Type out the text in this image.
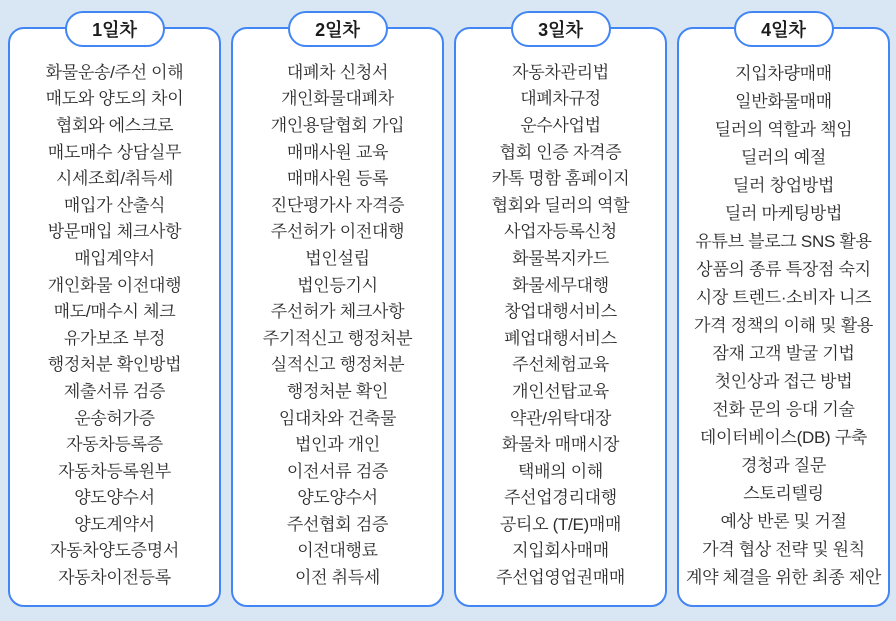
1일차
화물운송/주선 이해
매도와 양도의 차이
협회와 에스크로
매도매수 상담실무
시세조회/취득세
매입가 산출식
방문매입 체크사항
매입계약서
개인화물 이전대행
매도/매수시 체크
유가보조 부정
행정처분 확인방법
제출서류 검증
운송허가증
자동차등록증
자동차등록원부
양도양수서
양도계약서
자동차양도증명서
자동차이전등록
2일차
대폐차 신청서
개인화물대폐차
개인용달협회 가입
매매사원 교육
매매사원 등록
진단평가사 자격증
주선허가 이전대행
법인설립
법인등기시
주선허가 체크사항
주기적신고 행정처분
실적신고 행정처분
행정처분 확인
임대차와 건축물
법인과 개인
이전서류 검증
양도양수서
주선협회 검증
이전대행료
이전 취득세
3일차
자동차관리법
대폐차규정
운수사업법
협회 인증 자격증
카톡 명함 홈페이지
협회와 딜러의 역할
사업자등록신청
화물복지카드
화물세무대행
창업대행서비스
폐업대행서비스
주선체험교육
개인선탑교육
약관/위탁대장
화물차 매매시장
택배의 이해
주선업경리대행
공티오 (T/E)매매
지입회사매매
주선업영업권매매
4일차
지입차량매매
일반화물매매
딜러의 역할과 책임
딜러의 예절
딜러 창업방법
딜러 마케팅방법
유튜브 블로그 SNS 활용
상품의 종류 특장점 숙지
시장 트렌드·소비자 니즈
가격 정책의 이해 및 활용
잠재 고객 발굴 기법
첫인상과 접근 방법
전화 문의 응대 기술
데이터베이스(DB) 구축
경청과 질문
스토리텔링
예상 반론 및 거절
가격 협상 전략 및 원칙
계약 체결을 위한 최종 제안
